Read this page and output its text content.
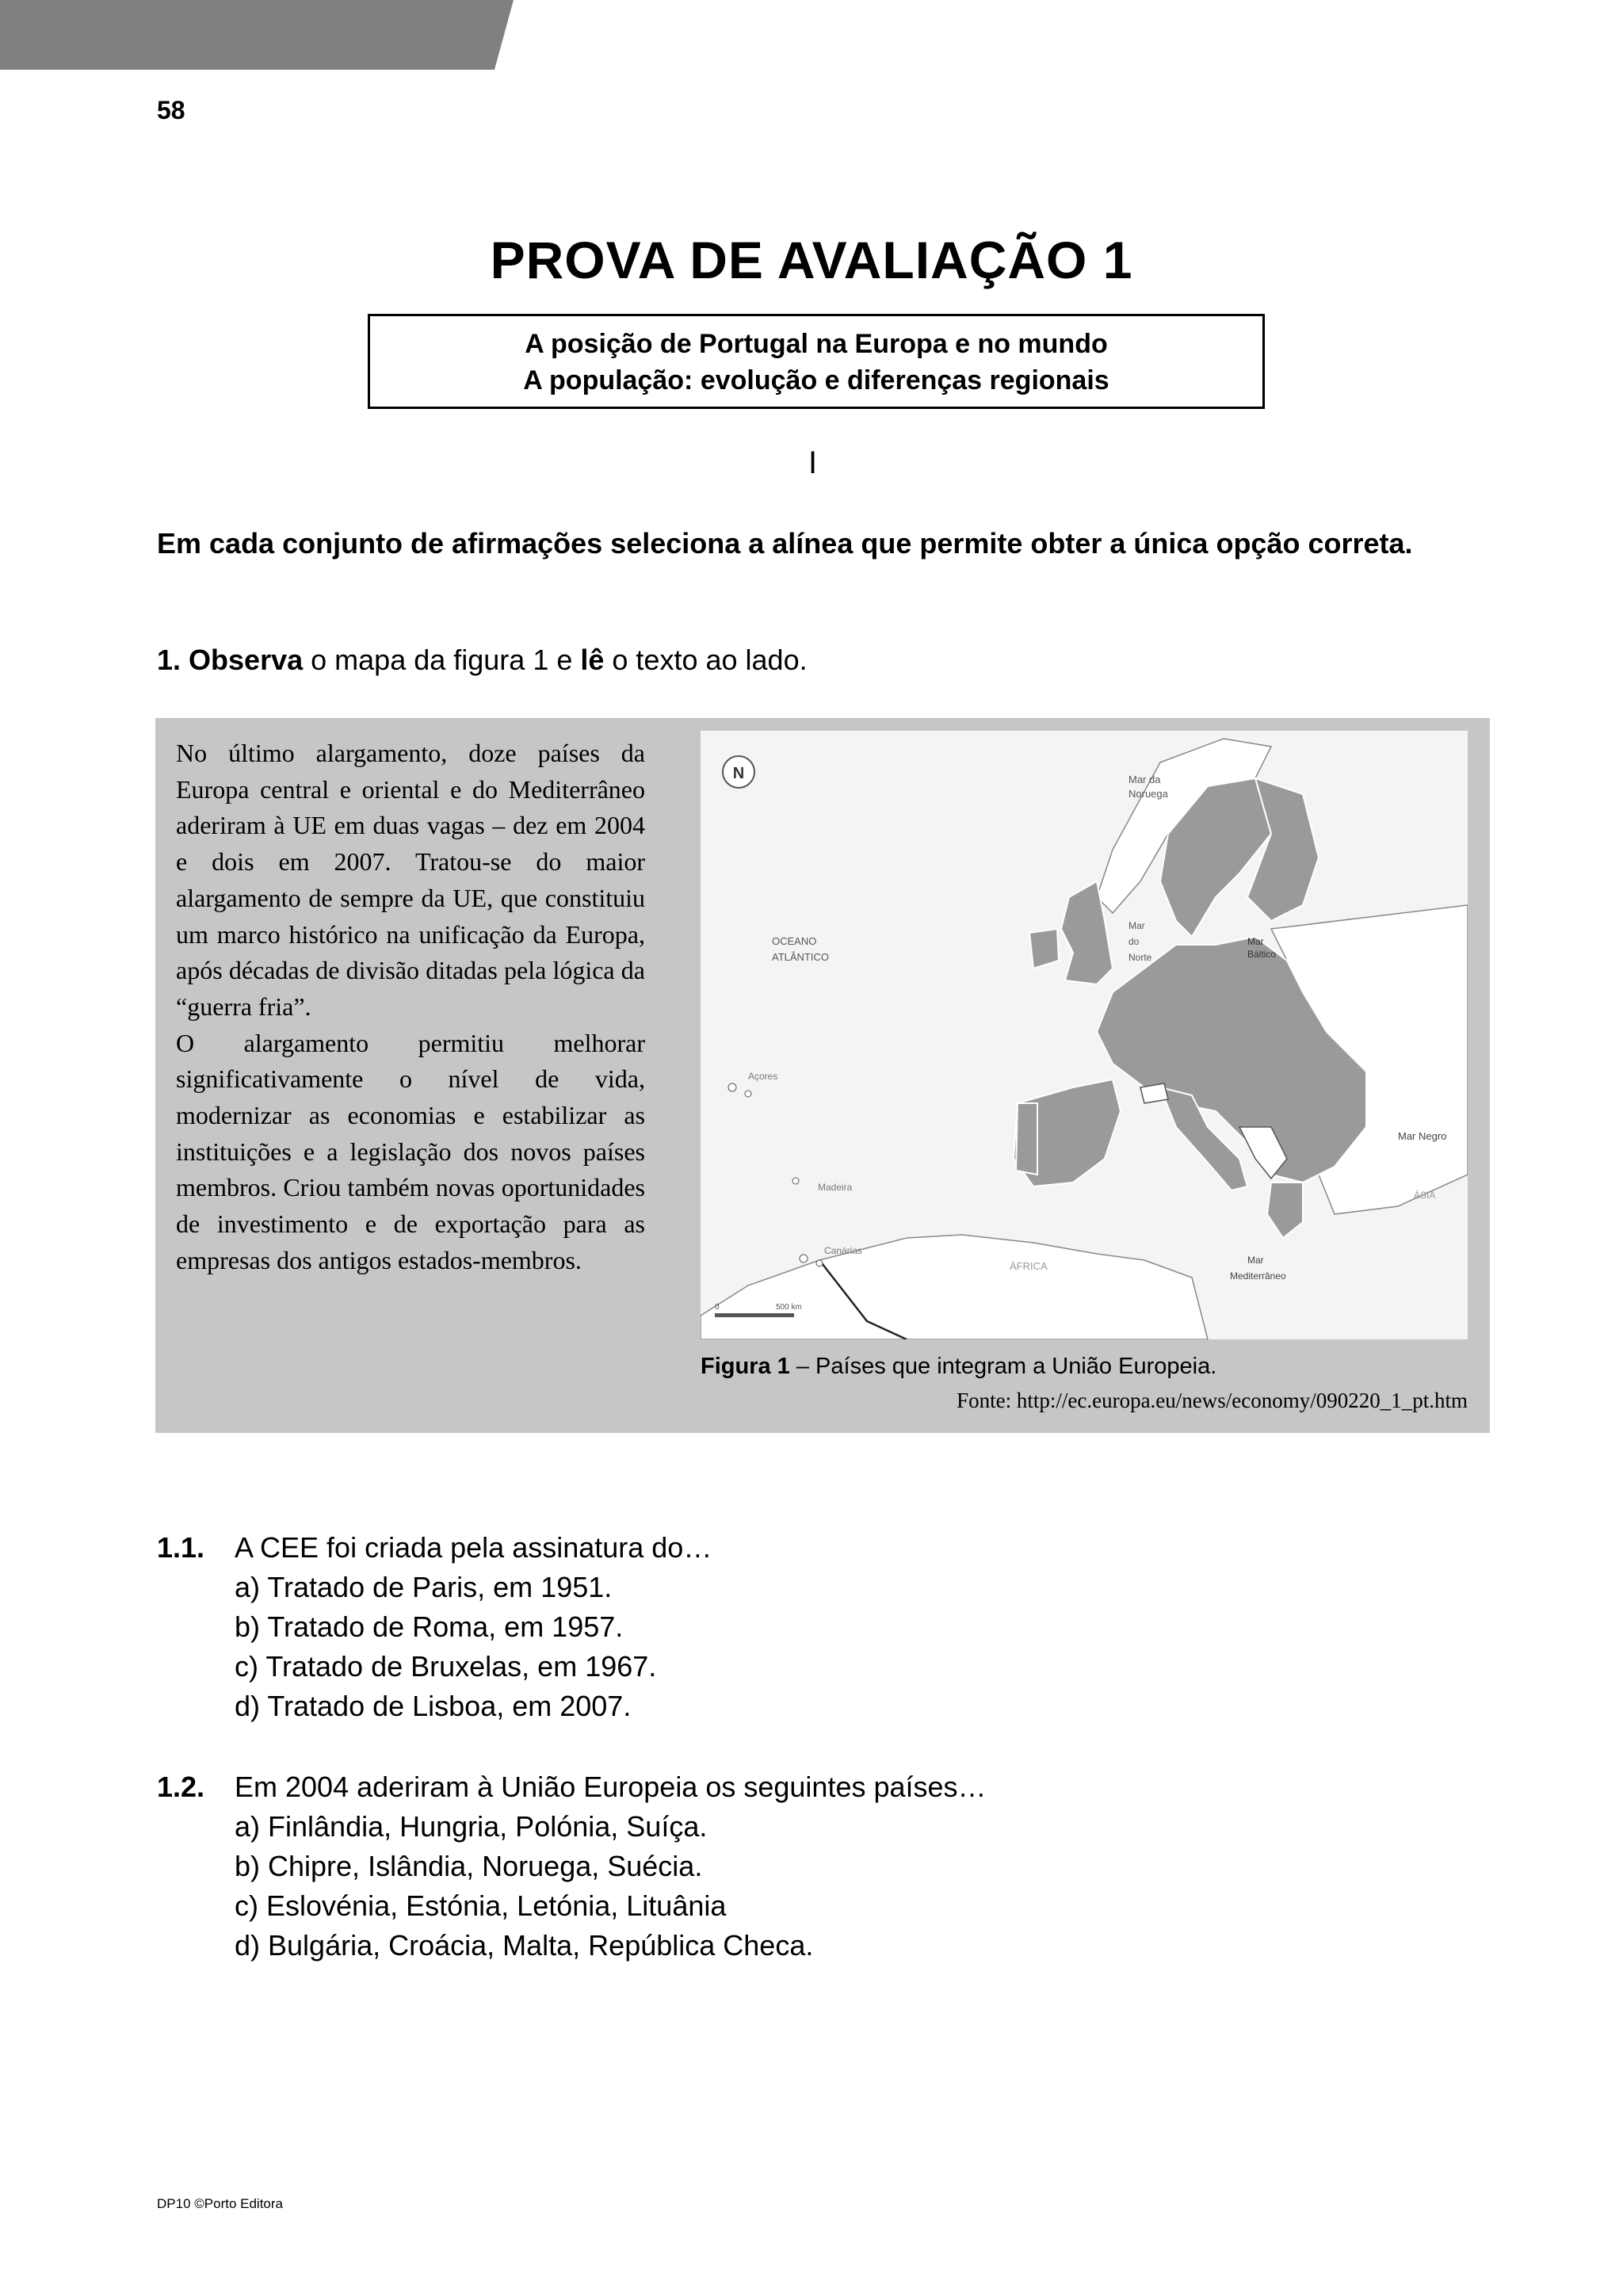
58
PROVA DE AVALIAÇÃO 1
A posição de Portugal na Europa e no mundo
A população: evolução e diferenças regionais
I
Em cada conjunto de afirmações seleciona a alínea que permite obter a única opção correta.
1. Observa o mapa da figura 1 e lê o texto ao lado.

No último alargamento, doze países da Europa central e oriental e do Mediterrâneo aderiram à UE em duas vagas – dez em 2004 e dois em 2007. Tratou-se do maior alargamento de sempre da UE, que constituiu um marco histórico na unificação da Europa, após décadas de divisão ditadas pela lógica da “guerra fria”.

O alargamento permitiu melhorar significativamente o nível de vida, modernizar as economias e estabilizar as instituições e a legislação dos novos países membros. Criou também novas oportunidades de investimento e de exportação para as empresas dos antigos estados-membros.

N	Mar da
Noruega
OCEANO
ATLÂNTICO
Mar
do
Norte
Mar
Báltico
Açores
Mar Negro
Madeira
ÁSIA
Canárias
ÁFRICA	Mar
Mediterrâneo
0	500 km
Figura 1 – Países que integram a União Europeia.
Fonte: http://ec.europa.eu/news/economy/090220_1_pt.htm
1.1. A CEE foi criada pela assinatura do…
a) Tratado de Paris, em 1951.
b) Tratado de Roma, em 1957.
c) Tratado de Bruxelas, em 1967.
d) Tratado de Lisboa, em 2007.
1.2. Em 2004 aderiram à União Europeia os seguintes países…
a) Finlândia, Hungria, Polónia, Suíça.
b) Chipre, Islândia, Noruega, Suécia.
c) Eslovénia, Estónia, Letónia, Lituânia
d) Bulgária, Croácia, Malta, República Checa.
DP10 ©Porto Editora
